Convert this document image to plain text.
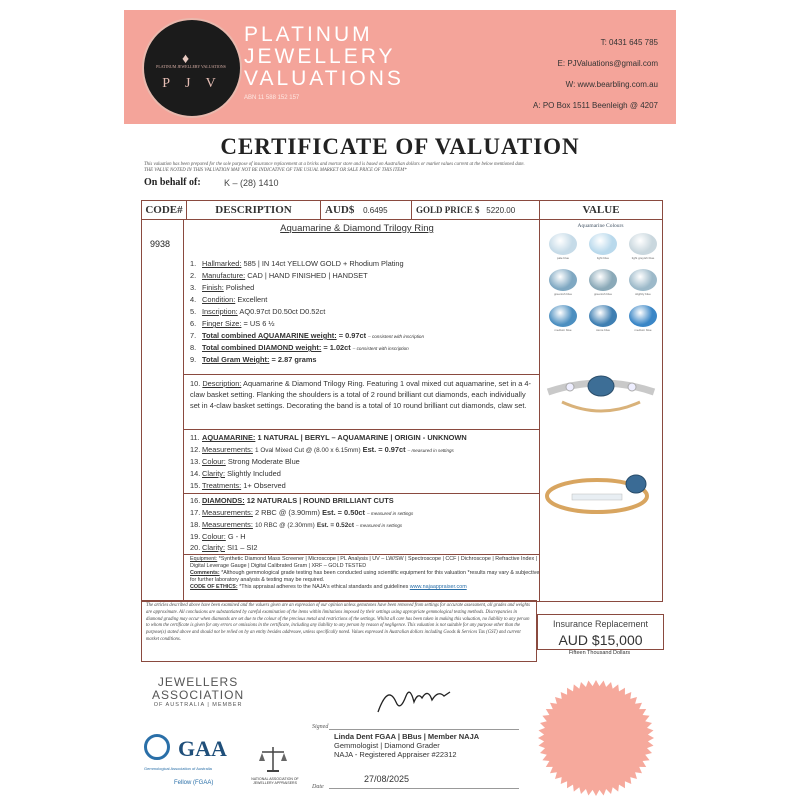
♦
PLATINUM JEWELLERY VALUATIONS
P J V
PLATINUM
JEWELLERY
VALUATIONS
ABN 11 588 152 157
T: 0431 645 785
E: PJValuations@gmail.com
W: www.bearbling.com.au
A: PO Box 1511 Beenleigh @ 4207
CERTIFICATE OF VALUATION
This valuation has been prepared for the sole purpose of insurance replacement at a bricks and mortar store and is based on Australian dollars or market values current at the below mentioned date.
THE VALUE NOTED IN THIS VALUATION MAY NOT BE INDICATIVE OF THE USUAL MARKET OR SALE PRICE OF THIS ITEM*
On behalf of:	K – (28) 1410
CODE#	DESCRIPTION	AUD$ 0.6495	GOLD PRICE $ 5220.00	VALUE
9938
Aquamarine & Diamond Trilogy Ring
1. Hallmarked: 585 | IN 14ct YELLOW GOLD + Rhodium Plating
2. Manufacture: CAD | HAND FINISHED | HANDSET
3. Finish: Polished
4. Condition: Excellent
5. Inscription: AQ0.97ct D0.50ct D0.52ct
6. Finger Size: = US 6 ½
7. Total combined AQUAMARINE weight: = 0.97ct – consistent with inscription
8. Total combined DIAMOND weight: = 1.02ct – consistent with inscription
9. Total Gram Weight: = 2.87 grams
10. Description: Aquamarine & Diamond Trilogy Ring. Featuring 1 oval mixed cut aquamarine, set in a 4-claw basket setting. Flanking the shoulders is a total of 2 round brilliant cut diamonds, each individually set in 4-claw basket settings. Decorating the band is a total of 10 round brilliant cut diamonds, claw set.
11. AQUAMARINE: 1 NATURAL | BERYL – AQUAMARINE | ORIGIN - UNKNOWN
12. Measurements: 1 Oval Mixed Cut @ (8.00 x 6.15mm) Est. = 0.97ct – measured in settings
13. Colour: Strong Moderate Blue
14. Clarity: Slightly Included
15. Treatments: 1+ Observed
16. DIAMONDS: 12 NATURALS | ROUND BRILLIANT CUTS
17. Measurements: 2 RBC @ (3.90mm) Est. = 0.50ct – measured in settings
18. Measurements: 10 RBC @ (2.30mm) Est. = 0.52ct – measured in settings
19. Colour: G - H
20. Clarity: SI1 – SI2
Equipment: *Synthetic Diamond Mass Screener | Microscope | PL Analysis | UV – LW/SW | Spectroscope | CCF | Dichroscope | Refractive Index | Digital Leverage Gauge | Digital Calibrated Gram | XRF – GOLD TESTED
Comments: *Although gemmological grade testing has been conducted using scientific equipment for this valuation *results may vary & subjective for further laboratory analysis & testing may be required.
CODE OF ETHICS: *This appraisal adheres to the NAJA's ethical standards and guidelines www.najaappraiser.com
Aquamarine Colours
pale blue	light blue	light greyish blue
greenish blue	greenish blue	slightly blue
medium blue	stone blue	medium blue
The articles described above have been examined and the valuers given are an expression of our opinion unless gemstones have been removed from settings for accurate assessment, all grades and weights are approximate. All conclusions are substantiated by careful examination of the items within limitations imposed by their settings using appropriate gemmological testing methods. Discrepancies in diamond grading may occur when diamonds are set due to the colour of the precious metal and restrictions of the settings. Whilst all care has been taken in making this valuation, no liability to any person to whom the certificate is given for any errors or omissions in the certificate, including any liability to any person by reason of negligence. This valuation is not suitable for any purpose other than the purpose(s) stated above and should not be relied on by an entity besides addressee, unless specifically noted. Values expressed in Australian dollars including Goods & Services Tax (GST) and current market conditions.
Insurance Replacement
AUD $15,000
Fifteen Thousand Dollars
JEWELLERS
ASSOCIATION
OF AUSTRALIA | MEMBER
GAA
Gemmological Association of Australia
Fellow (FGAA)
NATIONAL ASSOCIATION OF JEWELLERY APPRAISERS
Signed
Linda Dent FGAA | BBus | Member NAJA
Gemmologist | Diamond Grader
NAJA - Registered Appraiser #22312
27/08/2025
Date
